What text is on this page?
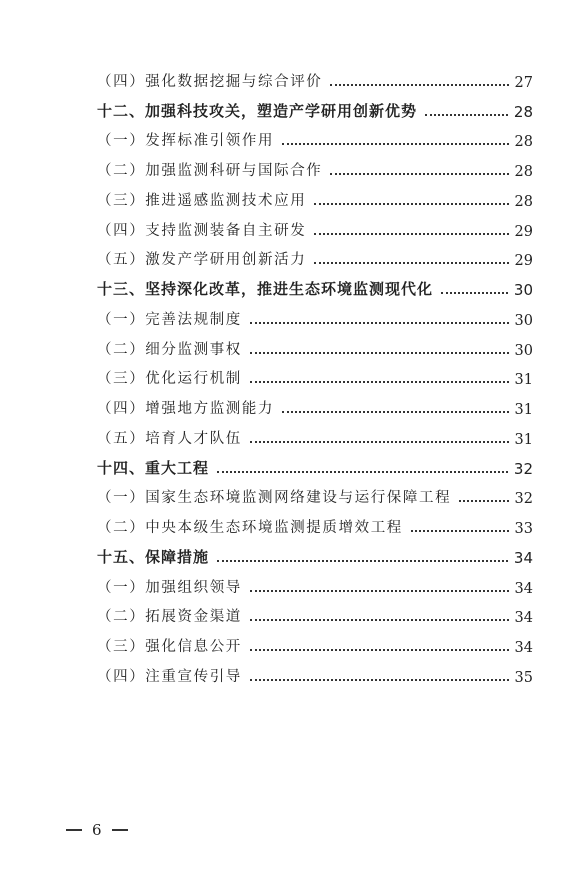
（四）强化数据挖掘与综合评价	27
十二、加强科技攻关，塑造产学研用创新优势	28
（一）发挥标准引领作用	28
（二）加强监测科研与国际合作	28
（三）推进遥感监测技术应用	28
（四）支持监测装备自主研发	29
（五）激发产学研用创新活力	29
十三、坚持深化改革，推进生态环境监测现代化	30
（一）完善法规制度	30
（二）细分监测事权	30
（三）优化运行机制	31
（四）增强地方监测能力	31
（五）培育人才队伍	31
十四、重大工程	32
（一）国家生态环境监测网络建设与运行保障工程	32
（二）中央本级生态环境监测提质增效工程	33
十五、保障措施	34
（一）加强组织领导	34
（二）拓展资金渠道	34
（三）强化信息公开	34
（四）注重宣传引导	35
6
